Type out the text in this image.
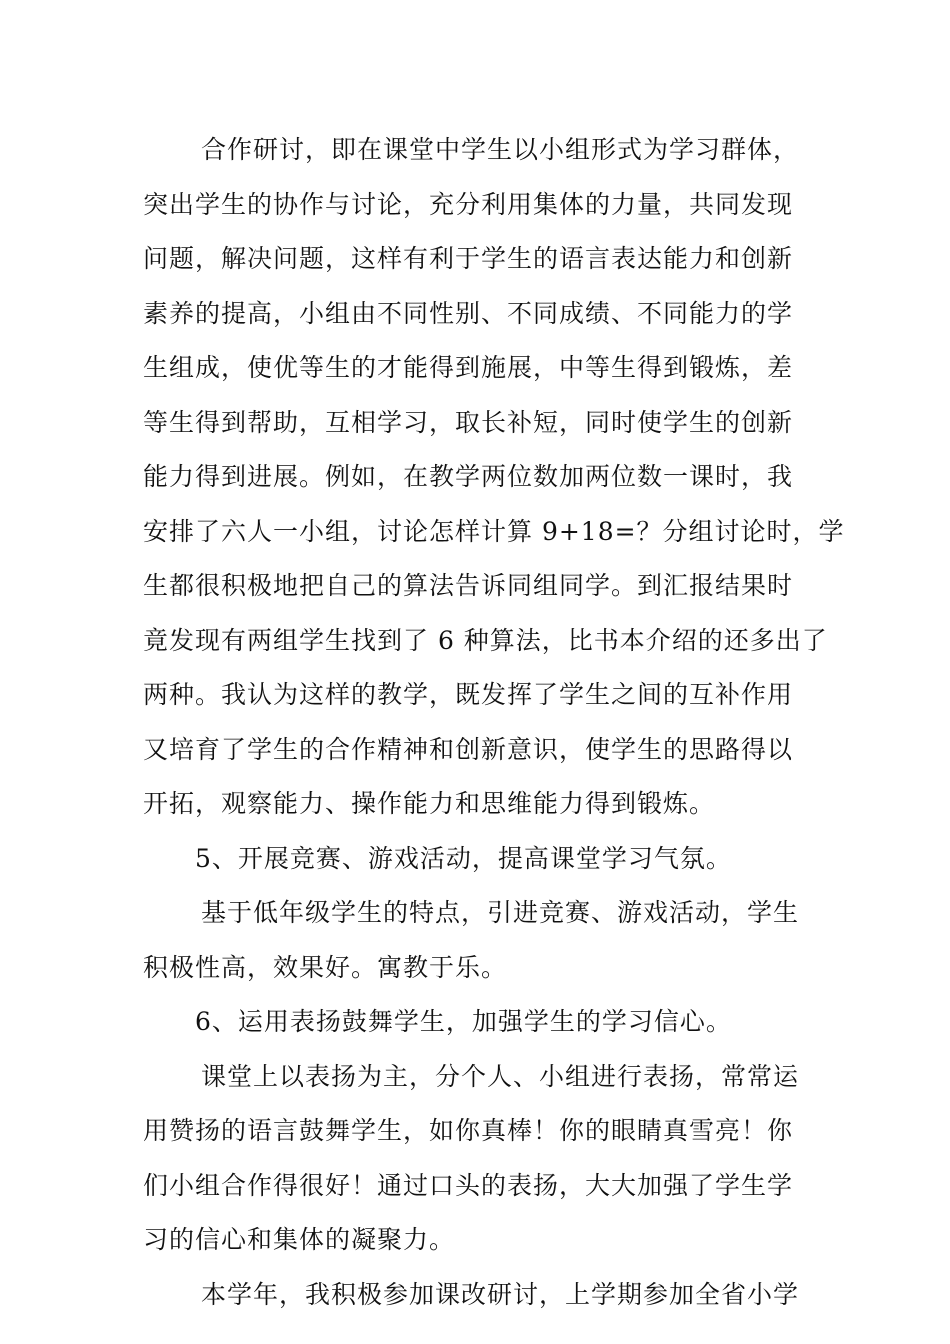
合作研讨，即在课堂中学生以小组形式为学习群体，
突出学生的协作与讨论，充分利用集体的力量，共同发现
问题，解决问题，这样有利于学生的语言表达能力和创新
素养的提高，小组由不同性别、不同成绩、不同能力的学
生组成，使优等生的才能得到施展，中等生得到锻炼，差
等生得到帮助，互相学习，取长补短，同时使学生的创新
能力得到进展。例如，在教学两位数加两位数一课时，我
安排了六人一小组，讨论怎样计算 9+18=？分组讨论时，学
生都很积极地把自己的算法告诉同组同学。到汇报结果时
竟发现有两组学生找到了 6 种算法，比书本介绍的还多出了
两种。我认为这样的教学，既发挥了学生之间的互补作用
又培育了学生的合作精神和创新意识，使学生的思路得以
开拓，观察能力、操作能力和思维能力得到锻炼。
5、开展竞赛、游戏活动，提高课堂学习气氛。
基于低年级学生的特点，引进竞赛、游戏活动，学生
积极性高，效果好。寓教于乐。
6、运用表扬鼓舞学生，加强学生的学习信心。
课堂上以表扬为主，分个人、小组进行表扬，常常运
用赞扬的语言鼓舞学生，如你真棒！你的眼睛真雪亮！你
们小组合作得很好！通过口头的表扬，大大加强了学生学
习的信心和集体的凝聚力。
本学年，我积极参加课改研讨，上学期参加全省小学
